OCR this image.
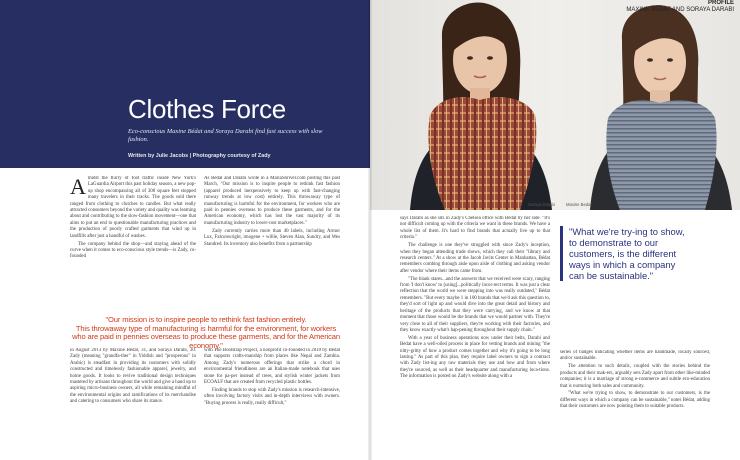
Clothes Force
Eco-conscious Maxine Bédat and Soraya Darabi find fast success with slow fashion.
Written by Julie Jacobs | Photography courtesy of Zady
PROFILE
MAXINE BÉDAT AND SORAYA DARABI
Soraya Darabi	Maxine Bedat

Amidst the flurry of foot traffic inside New York's LaGuardia Airport this past holiday season, a new pop-up shop encompassing all of 300 square feet stopped many travelers in their tracks. The goods sold there ranged from clothing to clutches to candles. But what really attracted consumers beyond the variety and quality was learning about and contributing to the slow-fashion movement—one that aims to put an end to questionable manufacturing practices and the production of poorly crafted garments that wind up in landfills after just a handful of washes.

The company behind the shop—and staying ahead of the curve when it comes to eco-conscious style trends—is Zady, co-founded

As Bédat and Darabi wrote in a MariaShriver.com posting this past March, "Our mission is to inspire people to rethink fast fashion (apparel produced inexpensively to keep up with fast-changing runway trends at low cost) entirely. This throwaway type of manufacturing is harmful for the environment, for workers who are paid in pennies overseas to produce these garments, and for the American economy, which has lost the vast majority of its manufacturing industry to lower-cost marketplaces."

Zady currently carries more than 40 labels, including Armor Lux, Falconwright, imogene + willie, Steven Alan, Sundry, and Wes Standred. Its inventory also benefits from a partnership

"Our mission is to inspire people to rethink fast fashion entirely.
This throwaway type of manufacturing is harmful for the environment, for workers who are paid in pennies overseas to produce these garments, and for the American economy."

in August 2013 by Maxine Bédat, 31, and Soraya Darabi, 30. Zady (meaning "grandfa-ther" in Yiddish and "prosperous" in Arabic) is steadfast in providing its customers with solidly constructed and timelessly fashionable apparel, jewelry, and home goods. It looks to revive traditional design techniques mastered by artisans throughout the world and give a hand up to aspiring micro-business owners, all while remaining mindful of the environmental origins and ramifications of its merchandise and catering to consumers who share its stance.

with The Bootstrap Project, a nonprofit co-founded in 2010 by Bédat that supports crafts-manship from places like Nepal and Zambia. Among Zady's numerous offerings that strike a chord in environmental friendliness are an Italian-made notebook that uses stone for pa-per instead of trees, and stylish winter jackets from ECOALF that are created from recycled plastic bottles.

Finding brands to stop with Zady's mission is research-intensive, often involving factory visits and in-depth interviews with owners. "Buying process is really, really difficult,"

says Darabi as she sits in Zady's Chelsea office with Bédat by her side. "It's not difficult coming up with the criteria we want in these brands. We have a whole list of them. It's hard to find brands that actually live up to that criteria."

The challenge is one they've struggled with since Zady's inception, when they began attending trade shows, which they call their "library and research centers." At a show at the Jacob Javits Center in Manhattan, Bédat remembers combing through aisle upon aisle of clothing and asking vendor after vendor where their items came from.

"The blank stares...and the answers that we received were scary, ranging from 'I don't know' to [using]...politically incor-rect terms. It was just a clear reflection that the world we were stepping into was really outdated," Bédat remembers. "But every maybe 1 in 100 brands that we'd ask this question to, they'd sort of light up and would dive into the great detail and history and heritage of the products that they were carrying, and we know at that moment that those would be the brands that we would partner with. They're very close to all of their suppliers, they're working with their factories, and they know exactly what's hap-pening throughout their supply chain."

With a year of business operations now under their belts, Darabi and Bédat have a well-oiled process in place for vetting brands and mining "the nitty-gritty of how a product comes together and why it's going to be long lasting." As part of this plan, they require label owners to sign a contract with Zady list-ing any raw materials they use and how and from where they're sourced, as well as their headquarter and manufacturing loca-tions. The information is posted on Zady's website along with a

"What we're try-ing to show, to demonstrate to our customers, is the different ways in which a company can be sustainable."

series of badges indicating whether items are handmade, locally sourced, and/or sustainable.

The attention to such details, coupled with the stories behind the products and their mak-ers, arguably sets Zady apart from other like-minded companies; it is a marriage of strong e-commerce and subtle eco-education that is nurturing both sales and community.

"What we're trying to show, to demonstrate to our customers, is the different ways in which a company can be sustainable," notes Bédat, adding that their customers are now pointing them to suitable products.
